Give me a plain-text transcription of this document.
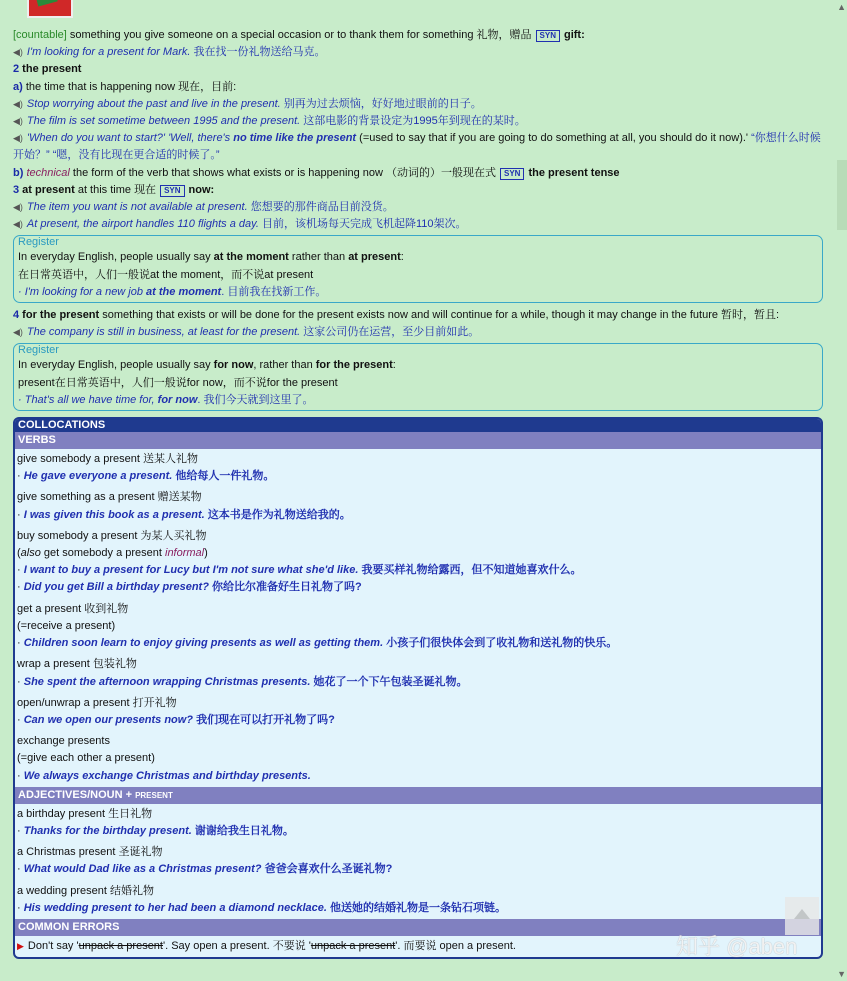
[countable] something you give someone on a special occasion or to thank them for something 礼物，赠品 SYN gift:
◀) I'm looking for a present for Mark. 我在找一份礼物送给马克。
2 the present
a) the time that is happening now 现在，目前:
◀) Stop worrying about the past and live in the present. 别再为过去烦恼，好好地过眼前的日子。
◀) The film is set sometime between 1995 and the present. 这部电影的背景设定为1995年到现在的某时。
◀) 'When do you want to start?' 'Well, there's no time like the present (=used to say that if you are going to do something at all, you should do it now).' “你想什么时候开始？” “嗯，没有比现在更合适的时候了。”
b) technical the form of the verb that shows what exists or is happening now （动词的）一般现在式 SYN the present tense
3 at present at this time 现在 SYN now:
◀) The item you want is not available at present. 您想要的那件商品目前没货。
◀) At present, the airport handles 110 flights a day. 目前，该机场每天完成飞机起降110架次。
Register
In everyday English, people usually say at the moment rather than at present:
在日常英语中，人们一般说at the moment，而不说at present
· I'm looking for a new job at the moment. 目前我在找新工作。
4 for the present something that exists or will be done for the present exists now and will continue for a while, though it may change in the future 暂时，暂且:
◀) The company is still in business, at least for the present. 这家公司仍在运营，至少目前如此。
Register
In everyday English, people usually say for now, rather than for the present:
present在日常英语中，人们一般说for now，而不说for the present
· That's all we have time for, for now. 我们今天就到这里了。
COLLOCATIONS
VERBS
give somebody a present 送某人礼物
· He gave everyone a present. 他给每人一件礼物。
give something as a present 赠送某物
· I was given this book as a present. 这本书是作为礼物送给我的。
buy somebody a present 为某人买礼物
(also get somebody a present informal)
· I want to buy a present for Lucy but I'm not sure what she'd like. 我要买样礼物给露西，但不知道她喜欢什么。
· Did you get Bill a birthday present? 你给比尔准备好生日礼物了吗?
get a present 收到礼物
(=receive a present)
· Children soon learn to enjoy giving presents as well as getting them. 小孩子们很快体会到了收礼物和送礼物的快乐。
wrap a present 包装礼物
· She spent the afternoon wrapping Christmas presents. 她花了一个下午包装圣诞礼物。
open/unwrap a present 打开礼物
· Can we open our presents now? 我们现在可以打开礼物了吗?
exchange presents
(=give each other a present)
· We always exchange Christmas and birthday presents.
ADJECTIVES/NOUN + PRESENT
a birthday present 生日礼物
· Thanks for the birthday present. 谢谢给我生日礼物。
a Christmas present 圣诞礼物
· What would Dad like as a Christmas present? 爸爸会喜欢什么圣诞礼物?
a wedding present 结婚礼物
· His wedding present to her had been a diamond necklace. 他送她的结婚礼物是一条钻石项链。
COMMON ERRORS
▶ Don't say 'unpack a present'. Say open a present. 不要说 'unpack a present'. 而要说 open a present.	知乎 @aben
▲
▼
